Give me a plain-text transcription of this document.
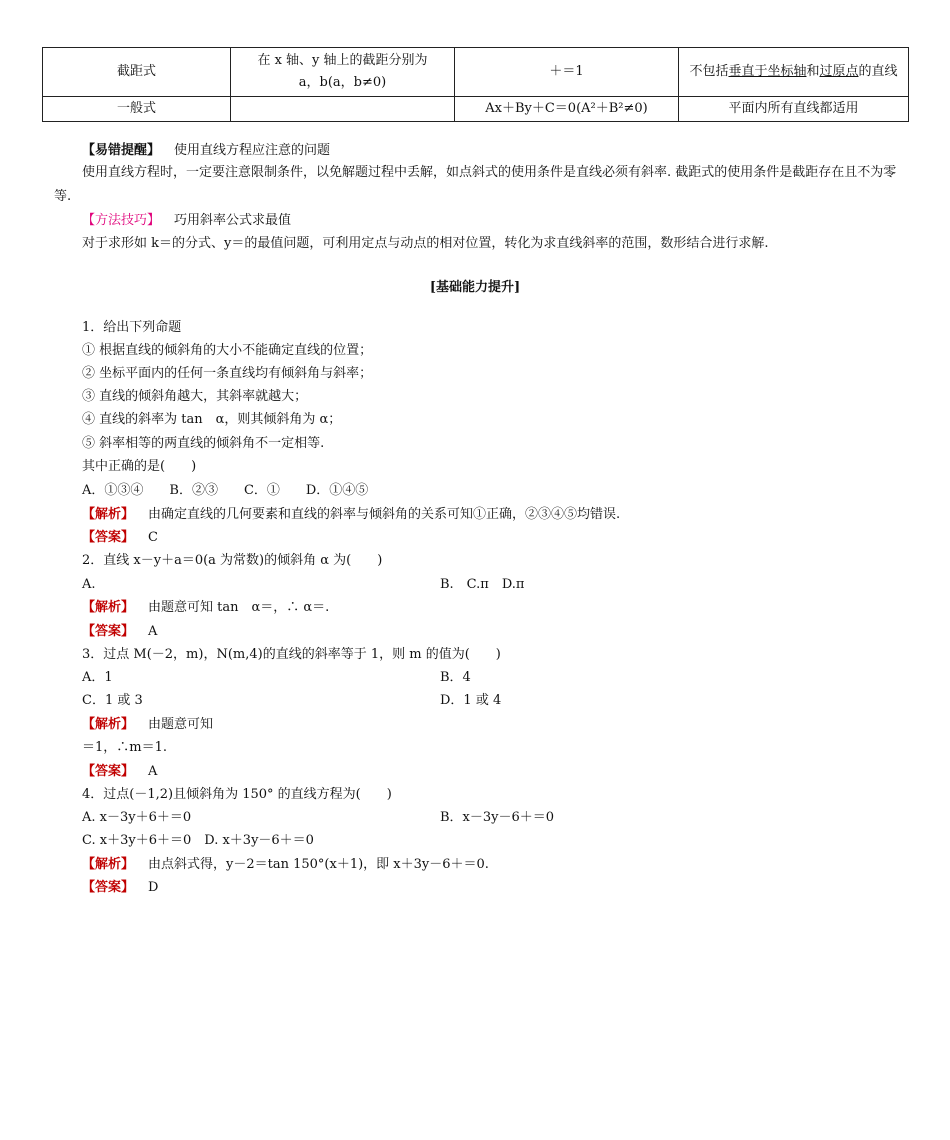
截距式	在 x 轴、y 轴上的截距分别为
a，b(a，b≠0)	＋＝1	不包括垂直于坐标轴和过原点的直线
一般式		Ax＋By＋C＝0(A²＋B²≠0)	平面内所有直线都适用
【易错提醒】 使用直线方程应注意的问题
使用直线方程时，一定要注意限制条件，以免解题过程中丢解，如点斜式的使用条件是直线必须有斜率. 截距式的使用条件是截距存在且不为零等.
【方法技巧】 巧用斜率公式求最值
对于求形如 k＝的分式、y＝的最值问题，可利用定点与动点的相对位置，转化为求直线斜率的范围，数形结合进行求解.
[基础能力提升]
1．给出下列命题
① 根据直线的倾斜角的大小不能确定直线的位置；
② 坐标平面内的任何一条直线均有倾斜角与斜率；
③ 直线的倾斜角越大，其斜率就越大；
④ 直线的斜率为 tan　α，则其倾斜角为 α；
⑤ 斜率相等的两直线的倾斜角不一定相等.
其中正确的是(　　)
A．①③④　　B．②③　　C．①　　D．①④⑤
【解析】 由确定直线的几何要素和直线的斜率与倾斜角的关系可知①正确，②③④⑤均错误.
【答案】 C
2．直线 x－y＋a＝0(a 为常数)的倾斜角 α 为(　　)
A.	B.　C.π　D.π
【解析】 由题意可知 tan　α＝，∴ α＝.
【答案】 A
3．过点 M(－2，m)，N(m,4)的直线的斜率等于 1，则 m 的值为(　　)
A．1	B．4
C．1 或 3	D．1 或 4
【解析】 由题意可知
＝1，∴m＝1.
【答案】 A
4．过点(－1,2)且倾斜角为 150° 的直线方程为(　　)
A. x－3y＋6＋＝0	B．x－3y－6＋＝0
C. x＋3y＋6＋＝0　D. x＋3y－6＋＝0
【解析】 由点斜式得，y－2＝tan 150°(x＋1)，即 x＋3y－6＋＝0.
【答案】 D
